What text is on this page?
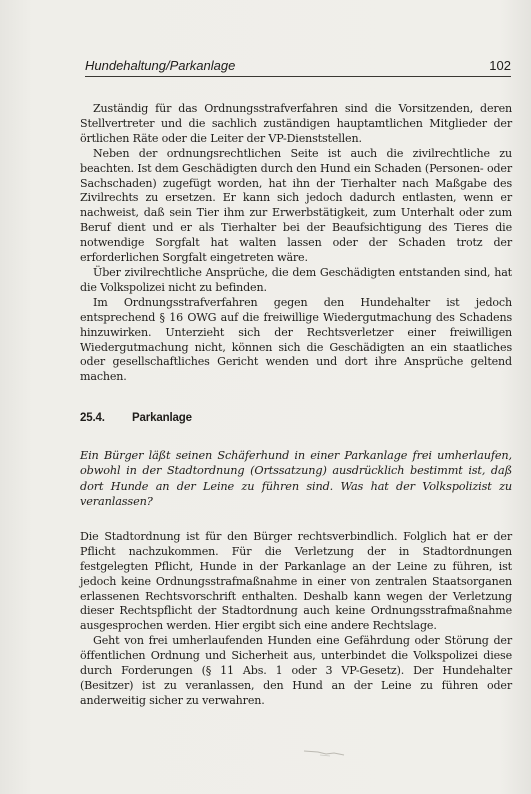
Hundehaltung/Parkanlage	102

Zuständig für das Ordnungsstrafverfahren sind die Vorsitzenden, deren Stellvertreter und die sachlich zuständigen hauptamtlichen Mitglieder der örtlichen Räte oder die Leiter der VP-Dienststellen.

Neben der ordnungsrechtlichen Seite ist auch die zivilrechtliche zu beachten. Ist dem Geschädigten durch den Hund ein Schaden (Personen- oder Sachschaden) zugefügt worden, hat ihn der Tierhalter nach Maßgabe des Zivilrechts zu ersetzen. Er kann sich jedoch dadurch entlasten, wenn er nachweist, daß sein Tier ihm zur Erwerbstätigkeit, zum Unterhalt oder zum Beruf dient und er als Tierhalter bei der Beaufsichtigung des Tieres die notwendige Sorgfalt hat walten lassen oder der Schaden trotz der erforderlichen Sorgfalt eingetreten wäre.

Über zivilrechtliche Ansprüche, die dem Geschädigten entstanden sind, hat die Volkspolizei nicht zu befinden.

Im Ordnungsstrafverfahren gegen den Hundehalter ist jedoch entsprechend § 16 OWG auf die freiwillige Wiedergutmachung des Schadens hinzuwirken. Unterzieht sich der Rechtsverletzer einer freiwilligen Wiedergutmachung nicht, können sich die Geschädigten an ein staatliches oder gesellschaftliches Gericht wenden und dort ihre Ansprüche geltend machen.

25.4.	Parkanlage
Ein Bürger läßt seinen Schäferhund in einer Parkanlage frei umherlaufen, obwohl in der Stadtordnung (Ortssatzung) ausdrücklich bestimmt ist, daß dort Hunde an der Leine zu führen sind. Was hat der Volkspolizist zu veranlassen?

Die Stadtordnung ist für den Bürger rechtsverbindlich. Folglich hat er der Pflicht nachzukommen. Für die Verletzung der in Stadtordnungen festgelegten Pflicht, Hunde in der Parkanlage an der Leine zu führen, ist jedoch keine Ordnungsstrafmaßnahme in einer von zentralen Staatsorganen erlassenen Rechtsvorschrift enthalten. Deshalb kann wegen der Verletzung dieser Rechtspflicht der Stadtordnung auch keine Ordnungsstrafmaßnahme ausgesprochen werden. Hier ergibt sich eine andere Rechtslage.

Geht von frei umherlaufenden Hunden eine Gefährdung oder Störung der öffentlichen Ordnung und Sicherheit aus, unterbindet die Volkspolizei diese durch Forderungen (§ 11 Abs. 1 oder 3 VP-Gesetz). Der Hundehalter (Besitzer) ist zu veranlassen, den Hund an der Leine zu führen oder anderweitig sicher zu verwahren.
